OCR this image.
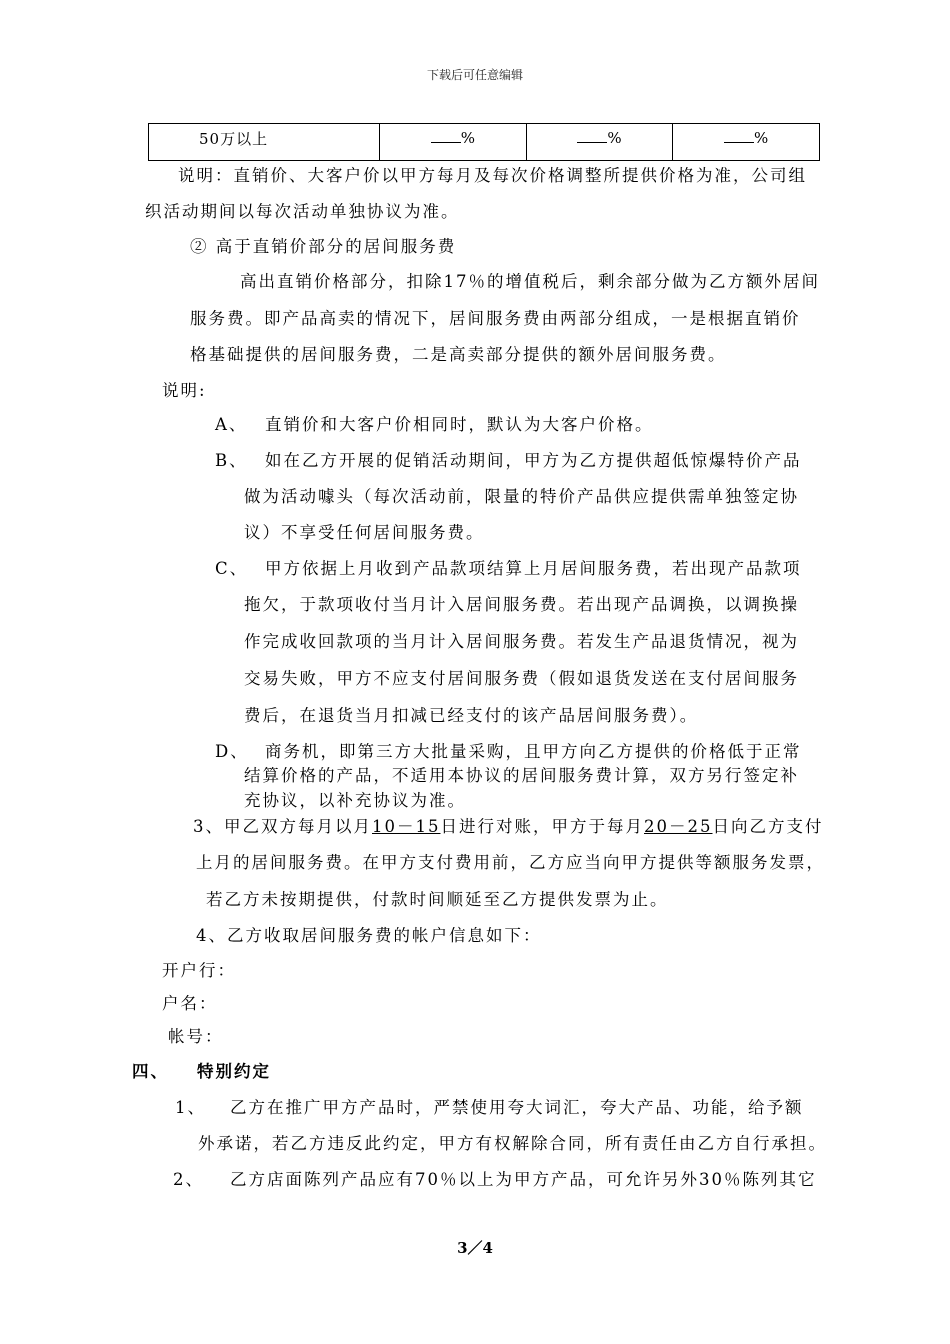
下载后可任意编辑
50万以上	%	%	%
说明：直销价、大客户价以甲方每月及每次价格调整所提供价格为准，公司组
织活动期间以每次活动单独协议为准。
② 高于直销价部分的居间服务费
高出直销价格部分，扣除17％的增值税后，剩余部分做为乙方额外居间
服务费。即产品高卖的情况下，居间服务费由两部分组成，一是根据直销价
格基础提供的居间服务费，二是高卖部分提供的额外居间服务费。
说明:
A、 直销价和大客户价相同时，默认为大客户价格。
B、 如在乙方开展的促销活动期间，甲方为乙方提供超低惊爆特价产品
做为活动噱头（每次活动前，限量的特价产品供应提供需单独签定协
议）不享受任何居间服务费。
C、 甲方依据上月收到产品款项结算上月居间服务费，若出现产品款项
拖欠，于款项收付当月计入居间服务费。若出现产品调换，以调换操
作完成收回款项的当月计入居间服务费。若发生产品退货情况，视为
交易失败，甲方不应支付居间服务费（假如退货发送在支付居间服务
费后，在退货当月扣减已经支付的该产品居间服务费）。
D、 商务机，即第三方大批量采购，且甲方向乙方提供的价格低于正常
结算价格的产品，不适用本协议的居间服务费计算，双方另行签定补
充协议，以补充协议为准。
3、甲乙双方每月以月10－15日进行对账，甲方于每月20－25日向乙方支付
上月的居间服务费。在甲方支付费用前，乙方应当向甲方提供等额服务发票，
若乙方未按期提供，付款时间顺延至乙方提供发票为止。
4、乙方收取居间服务费的帐户信息如下：
开户行：
户名：
帐号：
四、 特别约定
1、 乙方在推广甲方产品时，严禁使用夸大词汇，夸大产品、功能，给予额
外承诺，若乙方违反此约定，甲方有权解除合同，所有责任由乙方自行承担。
2、 乙方店面陈列产品应有70％以上为甲方产品，可允许另外30％陈列其它
3／4
